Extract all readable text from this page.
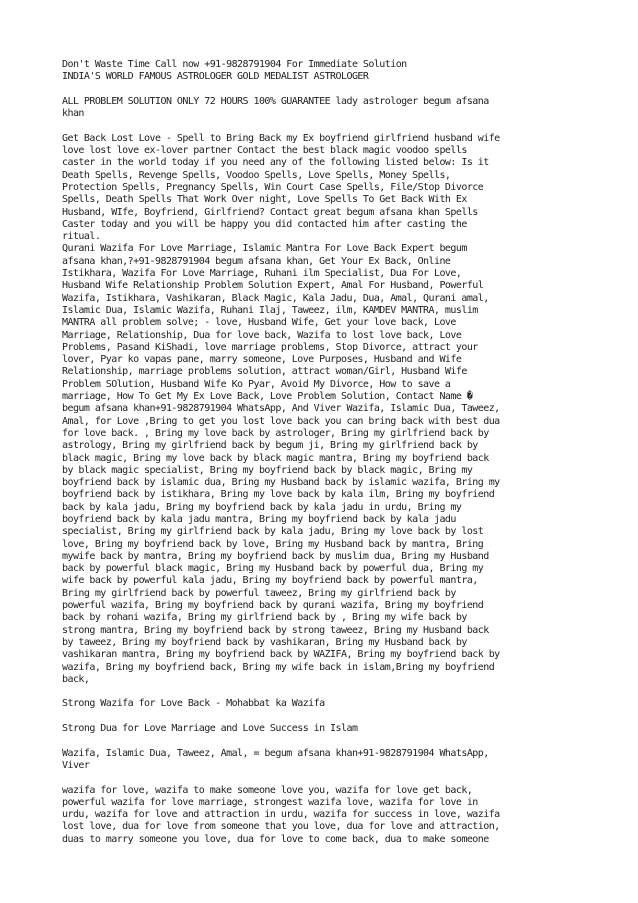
Don't Waste Time Call now +91-9828791904 For Immediate Solution
INDIA'S WORLD FAMOUS ASTROLOGER GOLD MEDALIST ASTROLOGER
ALL PROBLEM SOLUTION ONLY 72 HOURS 100% GUARANTEE lady astrologer begum afsana
khan
Get Back Lost Love - Spell to Bring Back my Ex boyfriend girlfriend husband wife
love lost love ex-lover partner Contact the best black magic voodoo spells
caster in the world today if you need any of the following listed below: Is it
Death Spells, Revenge Spells, Voodoo Spells, Love Spells, Money Spells,
Protection Spells, Pregnancy Spells, Win Court Case Spells, File/Stop Divorce
Spells, Death Spells That Work Over night, Love Spells To Get Back With Ex
Husband, WIfe, Boyfriend, Girlfriend? Contact great begum afsana khan Spells
Caster today and you will be happy you did contacted him after casting the
ritual.
Qurani Wazifa For Love Marriage, Islamic Mantra For Love Back Expert begum
afsana khan,?+91-9828791904 begum afsana khan, Get Your Ex Back, Online
Istikhara, Wazifa For Love Marriage, Ruhani ilm Specialist, Dua For Love,
Husband Wife Relationship Problem Solution Expert, Amal For Husband, Powerful
Wazifa, Istikhara, Vashikaran, Black Magic, Kala Jadu, Dua, Amal, Qurani amal,
Islamic Dua, Islamic Wazifa, Ruhani Ilaj, Taweez, ilm, KAMDEV MANTRA, muslim
MANTRA all problem solve; - love, Husband Wife, Get your love back, Love
Marriage, Relationship, Dua for love back, Wazifa to lost love back, Love
Problems, Pasand KiShadi, love marriage problems, Stop Divorce, attract your
lover, Pyar ko vapas pane, marry someone, Love Purposes, Husband and Wife
Relationship, marriage problems solution, attract woman/Girl, Husband Wife
Problem SOlution, Husband Wife Ko Pyar, Avoid My Divorce, How to save a
marriage, How To Get My Ex Love Back, Love Problem Solution, Contact Name �
begum afsana khan+91-9828791904 WhatsApp, And Viver Wazifa, Islamic Dua, Taweez,
Amal, for Love ,Bring to get you lost love back you can bring back with best dua
for love back. , Bring my love back by astrologer, Bring my girlfriend back by
astrology, Bring my girlfriend back by begum ji, Bring my girlfriend back by
black magic, Bring my love back by black magic mantra, Bring my boyfriend back
by black magic specialist, Bring my boyfriend back by black magic, Bring my
boyfriend back by islamic dua, Bring my Husband back by islamic wazifa, Bring my
boyfriend back by istikhara, Bring my love back by kala ilm, Bring my boyfriend
back by kala jadu, Bring my boyfriend back by kala jadu in urdu, Bring my
boyfriend back by kala jadu mantra, Bring my boyfriend back by kala jadu
specialist, Bring my girlfriend back by kala jadu, Bring my love back by lost
love, Bring my boyfriend back by love, Bring my Husband back by mantra, Bring
mywife back by mantra, Bring my boyfriend back by muslim dua, Bring my Husband
back by powerful black magic, Bring my Husband back by powerful dua, Bring my
wife back by powerful kala jadu, Bring my boyfriend back by powerful mantra,
Bring my girlfriend back by powerful taweez, Bring my girlfriend back by
powerful wazifa, Bring my boyfriend back by qurani wazifa, Bring my boyfriend
back by rohani wazifa, Bring my girlfriend back by , Bring my wife back by
strong mantra, Bring my boyfriend back by strong taweez, Bring my Husband back
by taweez, Bring my boyfriend back by vashikaran, Bring my Husband back by
vashikaran mantra, Bring my boyfriend back by WAZIFA, Bring my boyfriend back by
wazifa, Bring my boyfriend back, Bring my wife back in islam,Bring my boyfriend
back,
Strong Wazifa for Love Back - Mohabbat ka Wazifa
Strong Dua for Love Marriage and Love Success in Islam
Wazifa, Islamic Dua, Taweez, Amal, = begum afsana khan+91-9828791904 WhatsApp,
Viver
wazifa for love, wazifa to make someone love you, wazifa for love get back,
powerful wazifa for love marriage, strongest wazifa love, wazifa for love in
urdu, wazifa for love and attraction in urdu, wazifa for success in love, wazifa
lost love, dua for love from someone that you love, dua for love and attraction,
duas to marry someone you love, dua for love to come back, dua to make someone
